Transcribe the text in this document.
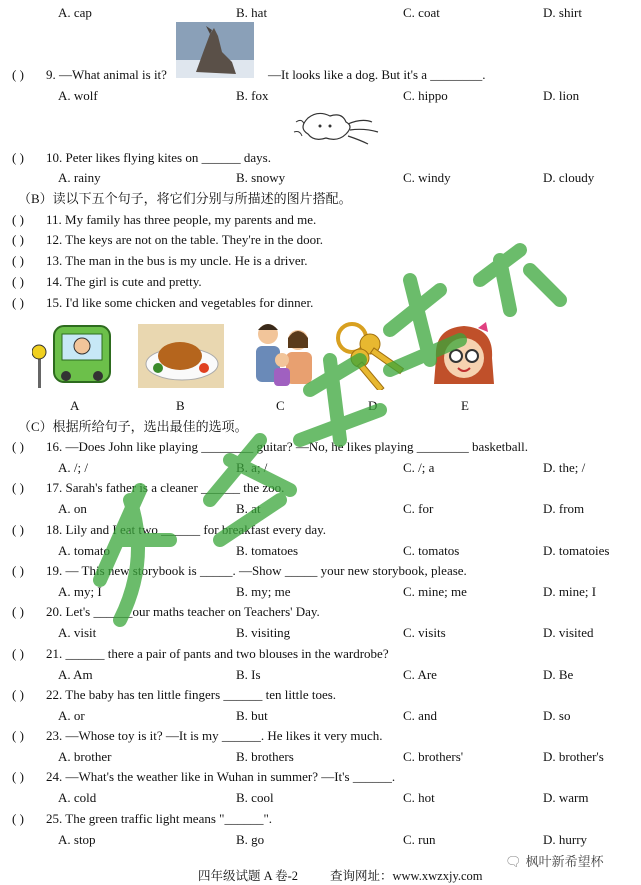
A. cap	B. hat	C. coat	D. shirt
( ) 9. —What animal is it?	—It looks like a dog. But it's a ________.
A. wolf	B. fox	C. hippo	D. lion
( ) 10. Peter likes flying kites on ______ days.
A. rainy	B. snowy	C. windy	D. cloudy
（B）读以下五个句子，将它们分别与所描述的图片搭配。
( ) 11. My family has three people, my parents and me.
( ) 12. The keys are not on the table. They're in the door.
( ) 13. The man in the bus is my uncle. He is a driver.
( ) 14. The girl is cute and pretty.
( ) 15. I'd like some chicken and vegetables for dinner.
A	B	C	D	E
（C）根据所给句子，选出最佳的选项。
( ) 16. —Does John like playing ________ guitar? —No, he likes playing ________ basketball.
A. /; /	B. a; /	C. /; a	D. the; /
( ) 17. Sarah's father is a cleaner ______ the zoo.
A. on	B. at	C. for	D. from
( ) 18. Lily and I eat two ______ for breakfast every day.
A. tomato	B. tomatoes	C. tomatos	D. tomatoies
( ) 19. — This new storybook is _____. —Show _____ your new storybook, please.
A. my; I	B. my; me	C. mine; me	D. mine; I
( ) 20. Let's ______our maths teacher on Teachers' Day.
A. visit	B. visiting	C. visits	D. visited
( ) 21. ______ there a pair of pants and two blouses in the wardrobe?
A. Am	B. Is	C. Are	D. Be
( ) 22. The baby has ten little fingers ______ ten little toes.
A. or	B. but	C. and	D. so
( ) 23. —Whose toy is it? —It is my ______. He likes it very much.
A. brother	B. brothers	C. brothers'	D. brother's
( ) 24. —What's the weather like in Wuhan in summer? —It's ______.
A. cold	B. cool	C. hot	D. warm
( ) 25. The green traffic light means "______".
A. stop	B. go	C. run	D. hurry
四年级试题 A 卷-2	查询网址：www.xwzxjy.com
🗨 枫叶新希望杯
